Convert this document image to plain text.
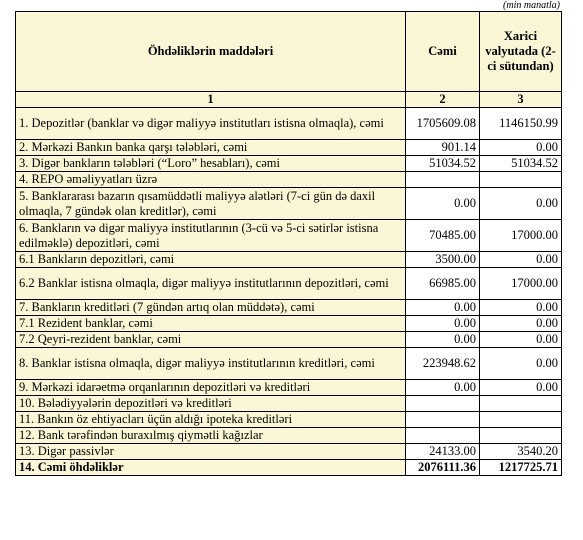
(min manatla)
Öhdəliklərin maddələri	Cəmi	Xarici valyutada (2-ci sütundan)
1	2	3
1. Depozitlər (banklar və digər maliyyə institutları istisna olmaqla), cəmi	1705609.08	1146150.99
2. Mərkəzi Bankın banka qarşı tələbləri, cəmi	901.14	0.00
3. Digər bankların tələbləri (“Loro” hesabları), cəmi	51034.52	51034.52
4. REPO əməliyyatları üzrə		
5. Banklararası bazarın qısamüddətli maliyyə alətləri (7-ci gün də daxil olmaqla, 7 gündək olan kreditlər), cəmi	0.00	0.00
6. Bankların və digər maliyyə institutlarının (3-cü və 5-ci sətirlər istisna edilməklə) depozitləri, cəmi	70485.00	17000.00
6.1 Bankların depozitləri, cəmi	3500.00	0.00
6.2 Banklar istisna olmaqla, digər maliyyə institutlarının depozitləri, cəmi	66985.00	17000.00
7. Bankların kreditləri (7 gündən artıq olan müddətə), cəmi	0.00	0.00
7.1 Rezident banklar, cəmi	0.00	0.00
7.2 Qeyri-rezident banklar, cəmi	0.00	0.00
8. Banklar istisna olmaqla, digər maliyyə institutlarının kreditləri, cəmi	223948.62	0.00
9. Mərkəzi idarəetmə orqanlarının depozitləri və kreditləri	0.00	0.00
10. Bələdiyyələrin depozitləri və kreditləri		
11. Bankın öz ehtiyacları üçün aldığı ipoteka kreditləri		
12. Bank tərəfindən buraxılmış qiymətli kağızlar		
13. Digər passivlər	24133.00	3540.20
14. Cəmi öhdəliklər	2076111.36	1217725.71
